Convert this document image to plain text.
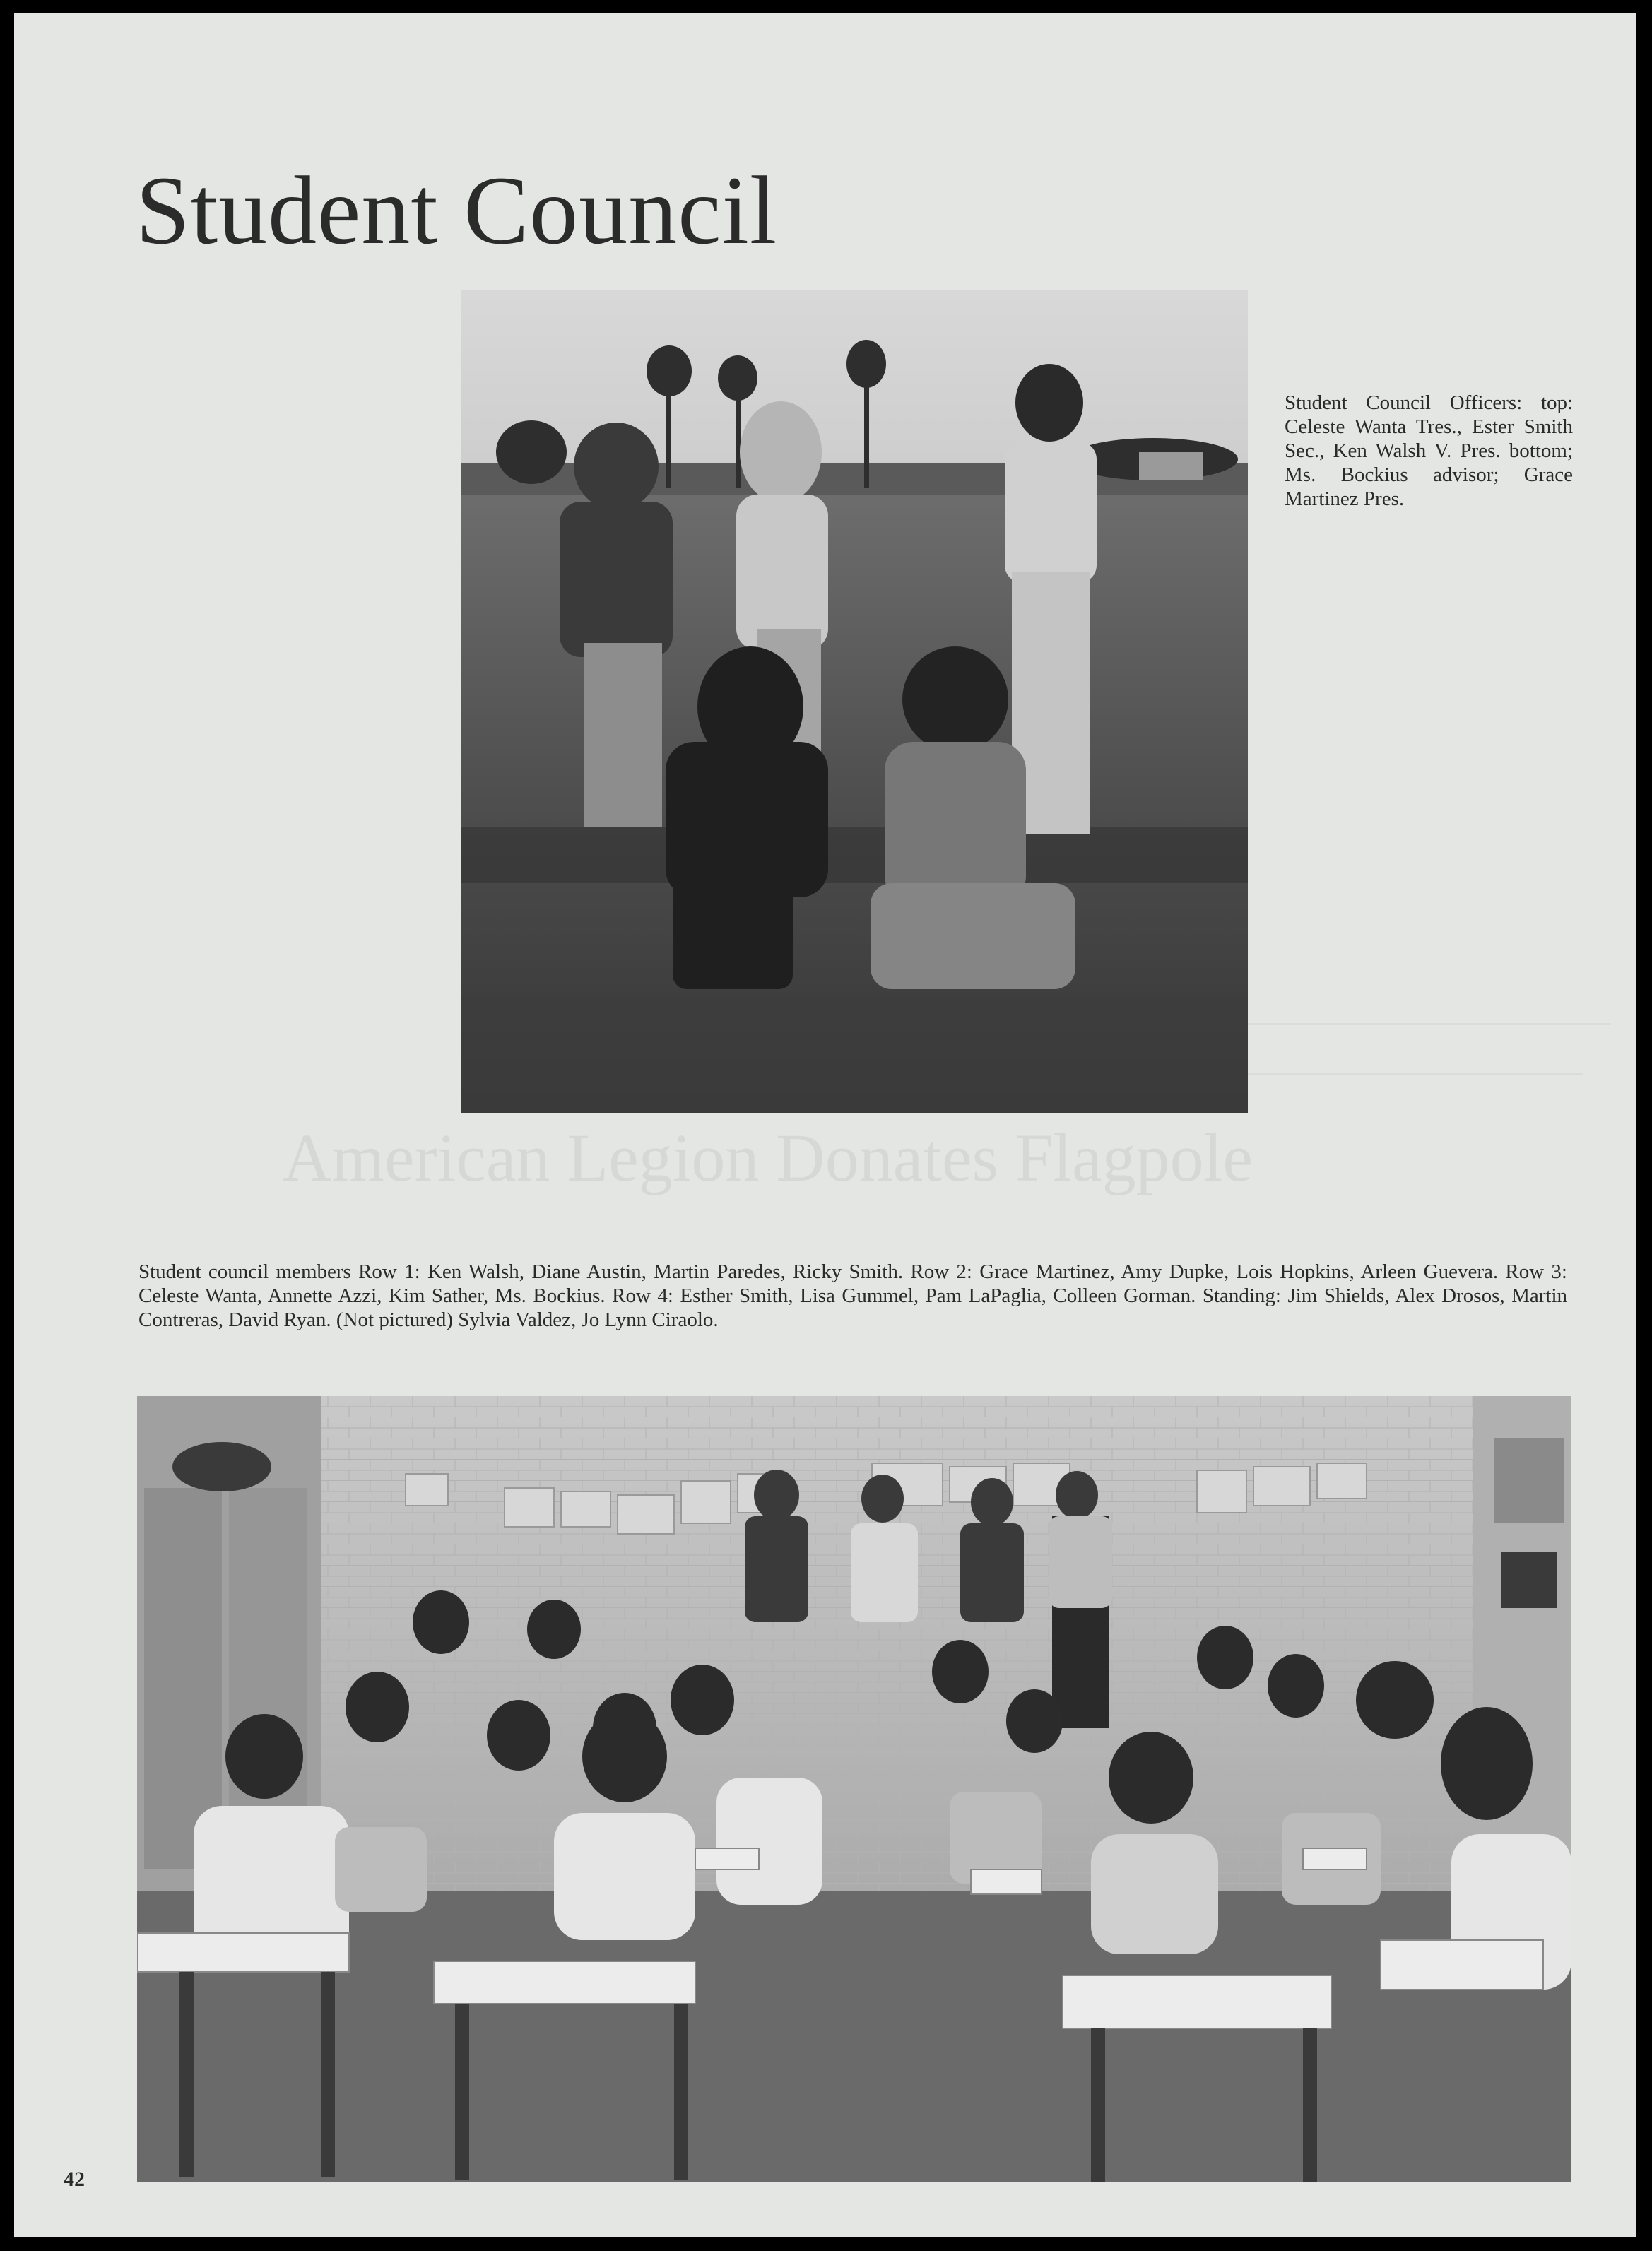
American Legion Donates Flagpole
Student Council
Student Council Officers: top: Celeste Wanta Tres., Ester Smith Sec., Ken Walsh V. Pres. bottom; Ms. Bockius advisor; Grace Martinez Pres.
Student council members Row 1: Ken Walsh, Diane Austin, Martin Paredes, Ricky Smith. Row 2: Grace Martinez, Amy Dupke, Lois Hopkins, Arleen Guevera. Row 3: Celeste Wanta, Annette Azzi, Kim Sather, Ms. Bockius. Row 4: Esther Smith, Lisa Gummel, Pam LaPaglia, Colleen Gorman. Standing: Jim Shields, Alex Drosos, Martin Contreras, David Ryan. (Not pictured) Sylvia Valdez, Jo Lynn Ciraolo.
42
